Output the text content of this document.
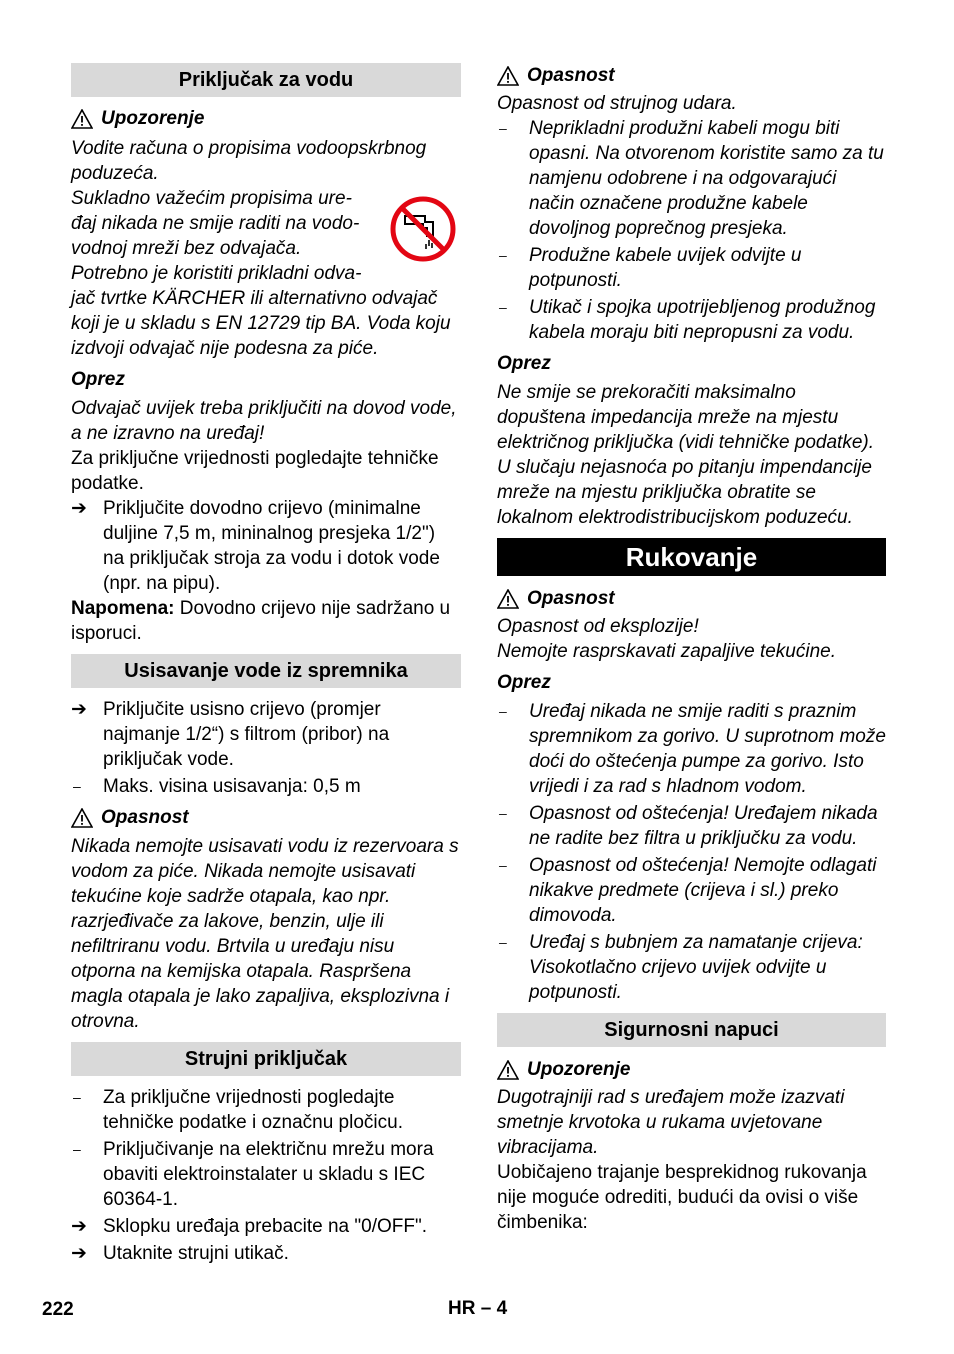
Priključak za vodu
Upozorenje
Vodite računa o propisima vodoopskrbnog poduzeća.
Sukladno važećim propisima ure-
đaj nikada ne smije raditi na vodo-
vodnoj mreži bez odvajača.
Potrebno je koristiti prikladni odva-
jač tvrtke KÄRCHER ili alternativno odvajač koji je u skladu s EN 12729 tip BA. Voda koju izdvoji odvajač nije podesna za piće.
Oprez
Odvajač uvijek treba priključiti na dovod vode, a ne izravno na uređaj!
Za priključne vrijednosti pogledajte tehničke podatke.
➔ Priključite dovodno crijevo (minimalne duljine 7,5 m, mininalnog presjeka 1/2") na priključak stroja za vodu i dotok vode (npr. na pipu).
Napomena: Dovodno crijevo nije sadržano u isporuci.
Usisavanje vode iz spremnika
➔ Priključite usisno crijevo (promjer najmanje 1/2“) s filtrom (pribor) na priključak vode.
–	Maks. visina usisavanja: 0,5 m
Opasnost
Nikada nemojte usisavati vodu iz rezervoara s vodom za piće. Nikada nemojte usisavati tekućine koje sadrže otapala, kao npr. razrjeđivače za lakove, benzin, ulje ili nefiltriranu vodu. Brtvila u uređaju nisu otporna na kemijska otapala. Raspršena magla otapala je lako zapaljiva, eksplozivna i otrovna.
Strujni priključak
–	Za priključne vrijednosti pogledajte tehničke podatke i označnu pločicu.
–	Priključivanje na električnu mrežu mora obaviti elektroinstalater u skladu s IEC 60364-1.
➔ Sklopku uređaja prebacite na "0/OFF".
➔ Utaknite strujni utikač.
Opasnost
Opasnost od strujnog udara.
–	Neprikladni produžni kabeli mogu biti opasni. Na otvorenom koristite samo za tu namjenu odobrene i na odgovarajući način označene produžne kabele dovoljnog poprečnog presjeka.
–	Produžne kabele uvijek odvijte u potpunosti.
–	Utikač i spojka upotrijebljenog produžnog kabela moraju biti nepropusni za vodu.
Oprez
Ne smije se prekoračiti maksimalno dopuštena impedancija mreže na mjestu električnog priključka (vidi tehničke podatke). U slučaju nejasnoća po pitanju impendancije mreže na mjestu priključka obratite se lokalnom elektrodistribucijskom poduzeću.
Rukovanje
Opasnost
Opasnost od eksplozije!
Nemojte rasprskavati zapaljive tekućine.
Oprez
–	Uređaj nikada ne smije raditi s praznim spremnikom za gorivo. U suprotnom može doći do oštećenja pumpe za gorivo. Isto vrijedi i za rad s hladnom vodom.
–	Opasnost od oštećenja! Uređajem nikada ne radite bez filtra u priključku za vodu.
–	Opasnost od oštećenja! Nemojte odlagati nikakve predmete (crijeva i sl.) preko dimovoda.
–	Uređaj s bubnjem za namatanje crijeva: Visokotlačno crijevo uvijek odvijte u potpunosti.
Sigurnosni napuci
Upozorenje
Dugotrajniji rad s uređajem može izazvati smetnje krvotoka u rukama uvjetovane vibracijama.
Uobičajeno trajanje besprekidnog rukovanja nije moguće odrediti, budući da ovisi o više čimbenika:
222	HR – 4
